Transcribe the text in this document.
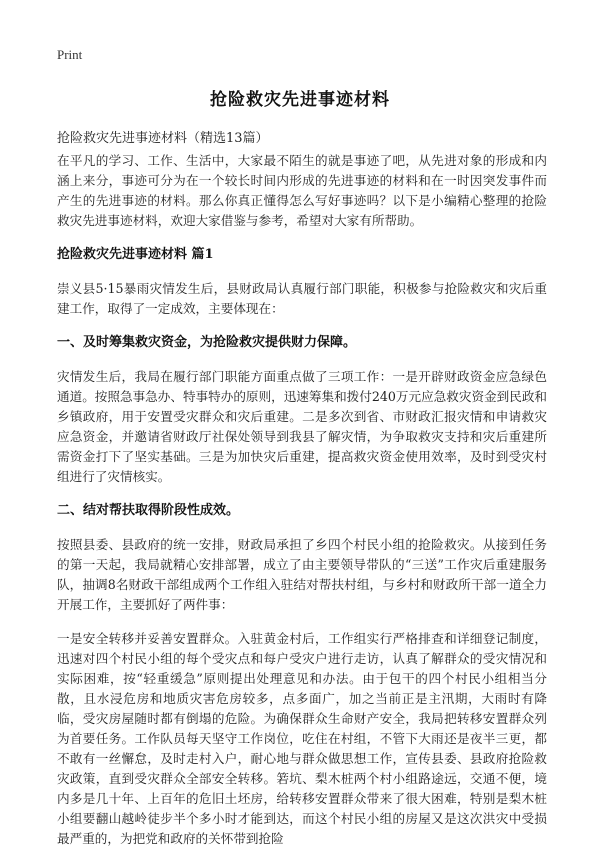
Print
抢险救灾先进事迹材料
抢险救灾先进事迹材料（精选13篇）

在平凡的学习、工作、生活中，大家最不陌生的就是事迹了吧，从先进对象的形成和内涵上来分，事迹可分为在一个较长时间内形成的先进事迹的材料和在一时因突发事件而产生的先进事迹的材料。那么你真正懂得怎么写好事迹吗？以下是小编精心整理的抢险救灾先进事迹材料，欢迎大家借鉴与参考，希望对大家有所帮助。

抢险救灾先进事迹材料 篇1

崇义县5·15暴雨灾情发生后，县财政局认真履行部门职能，积极参与抢险救灾和灾后重建工作，取得了一定成效，主要体现在：

一、及时筹集救灾资金，为抢险救灾提供财力保障。

灾情发生后，我局在履行部门职能方面重点做了三项工作：一是开辟财政资金应急绿色通道。按照急事急办、特事特办的原则，迅速筹集和拨付240万元应急救灾资金到民政和乡镇政府，用于安置受灾群众和灾后重建。二是多次到省、市财政汇报灾情和申请救灾应急资金，并邀请省财政厅社保处领导到我县了解灾情，为争取救灾支持和灾后重建所需资金打下了坚实基础。三是为加快灾后重建，提高救灾资金使用效率，及时到受灾村组进行了灾情核实。

二、结对帮扶取得阶段性成效。

按照县委、县政府的统一安排，财政局承担了乡四个村民小组的抢险救灾。从接到任务的第一天起，我局就精心安排部署，成立了由主要领导带队的“三送”工作灾后重建服务队，抽调8名财政干部组成两个工作组入驻结对帮扶村组，与乡村和财政所干部一道全力开展工作，主要抓好了两件事：

一是安全转移并妥善安置群众。入驻黄金村后，工作组实行严格排查和详细登记制度，迅速对四个村民小组的每个受灾点和每户受灾户进行走访，认真了解群众的受灾情况和实际困难，按“轻重缓急”原则提出处理意见和办法。由于包干的四个村民小组相当分散，且水浸危房和地质灾害危房较多，点多面广，加之当前正是主汛期，大雨时有降临，受灾房屋随时都有倒塌的危险。为确保群众生命财产安全，我局把转移安置群众列为首要任务。工作队员每天坚守工作岗位，吃住在村组，不管下大雨还是夜半三更，都不敢有一丝懈怠，及时走村入户，耐心地与群众做思想工作，宣传县委、县政府抢险救灾政策，直到受灾群众全部安全转移。箬坑、梨木桩两个村小组路途远，交通不便，境内多是几十年、上百年的危旧土坯房，给转移安置群众带来了很大困难，特别是梨木桩小组要翻山越岭徒步半个多小时才能到达，而这个村民小组的房屋又是这次洪灾中受损最严重的，为把党和政府的关怀带到抢险
